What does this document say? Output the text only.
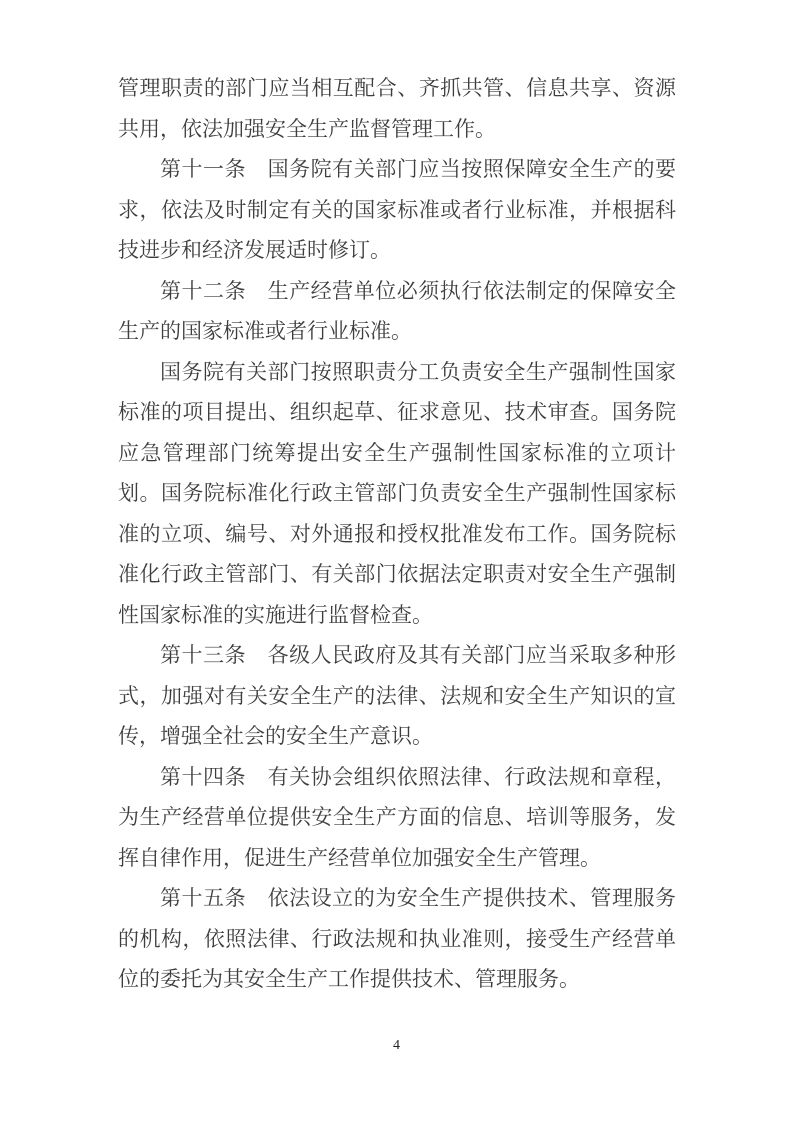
管理职责的部门应当相互配合、齐抓共管、信息共享、资源共用，依法加强安全生产监督管理工作。

第十一条　国务院有关部门应当按照保障安全生产的要求，依法及时制定有关的国家标准或者行业标准，并根据科技进步和经济发展适时修订。

第十二条　生产经营单位必须执行依法制定的保障安全生产的国家标准或者行业标准。

国务院有关部门按照职责分工负责安全生产强制性国家标准的项目提出、组织起草、征求意见、技术审查。国务院应急管理部门统筹提出安全生产强制性国家标准的立项计划。国务院标准化行政主管部门负责安全生产强制性国家标准的立项、编号、对外通报和授权批准发布工作。国务院标准化行政主管部门、有关部门依据法定职责对安全生产强制性国家标准的实施进行监督检查。

第十三条　各级人民政府及其有关部门应当采取多种形式，加强对有关安全生产的法律、法规和安全生产知识的宣传，增强全社会的安全生产意识。

第十四条　有关协会组织依照法律、行政法规和章程，为生产经营单位提供安全生产方面的信息、培训等服务，发挥自律作用，促进生产经营单位加强安全生产管理。

第十五条　依法设立的为安全生产提供技术、管理服务的机构，依照法律、行政法规和执业准则，接受生产经营单位的委托为其安全生产工作提供技术、管理服务。

4
